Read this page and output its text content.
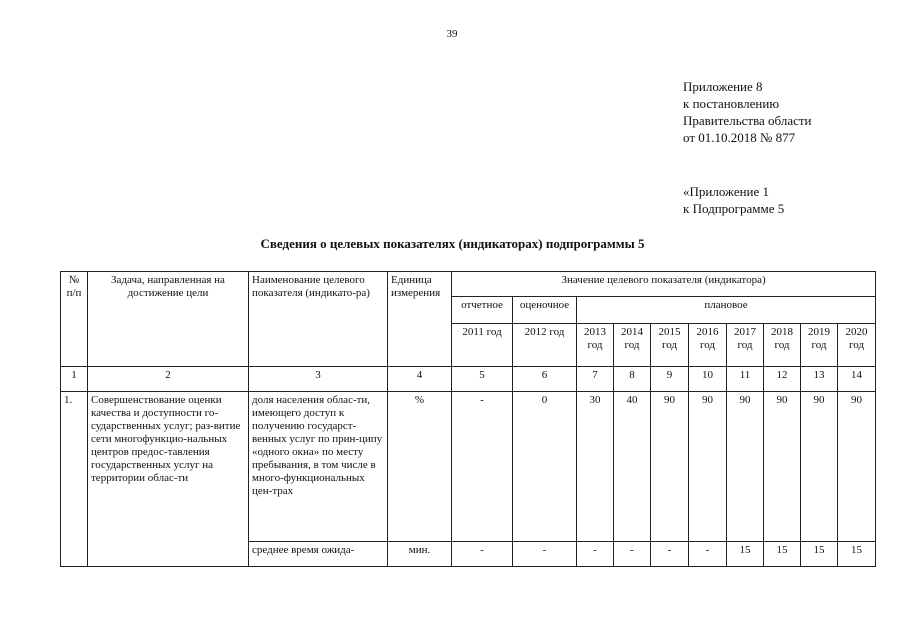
39
Приложение 8
к постановлению
Правительства области
от 01.10.2018 № 877
«Приложение 1
к Подпрограмме 5
Сведения о целевых показателях (индикаторах) подпрограммы 5
№ п/п	Задача, направленная на достижение цели	Наименование целевого показателя (индикато-ра)	Единица измерения	Значение целевого показателя (индикатора)									
				отчетное	оценочное	плановое							
				2011 год	2012 год	2013 год	2014 год	2015 год	2016 год	2017 год	2018 год	2019 год	2020 год
1	2	3	4	5	6	7	8	9	10	11	12	13	14
1.	Совершенствование оценки качества и доступности го-сударственных услуг; раз-витие сети многофункцио-нальных центров предос-тавления государственных услуг на территории облас-ти	доля населения облас-ти, имеющего доступ к получению государст-венных услуг по прин-ципу «одного окна» по месту пребывания, в том числе в много-функциональных цен-трах	%	-	0	30	40	90	90	90	90	90	90
		среднее время ожида-	мин.	-	-	-	-	-	-	15	15	15	15
